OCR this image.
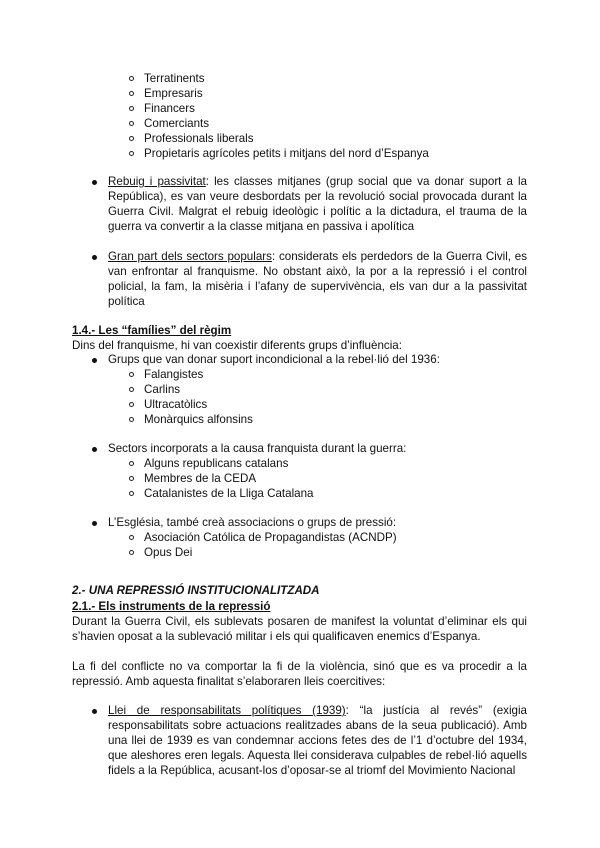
Terratinents
Empresaris
Financers
Comerciants
Professionals liberals
Propietaris agrícoles petits i mitjans del nord d’Espanya
Rebuig i passivitat: les classes mitjanes (grup social que va donar suport a la República), es van veure desbordats per la revolució social provocada durant la Guerra Civil. Malgrat el rebuig ideològic i polític a la dictadura, el trauma de la guerra va convertir a la classe mitjana en passiva i apolítica
Gran part dels sectors populars: considerats els perdedors de la Guerra Civil, es van enfrontar al franquisme. No obstant això, la por a la repressió i el control policial, la fam, la misèria i l’afany de supervivència, els van dur a la passivitat política
1.4.- Les “famílies” del règim
Dins del franquisme, hi van coexistir diferents grups d’influència:
Grups que van donar suport incondicional a la rebel·lió del 1936:
Falangistes
Carlins
Ultracatòlics
Monàrquics alfonsins
Sectors incorporats a la causa franquista durant la guerra:
Alguns republicans catalans
Membres de la CEDA
Catalanistes de la Lliga Catalana
L’Església, també creà associacions o grups de pressió:
Asociación Católica de Propagandistas (ACNDP)
Opus Dei
2.- UNA REPRESSIÓ INSTITUCIONALITZADA
2.1.- Els instruments de la repressió
Durant la Guerra Civil, els sublevats posaren de manifest la voluntat d’eliminar els qui s’havien oposat a la sublevació militar i els qui qualificaven enemics d’Espanya.
La fi del conflicte no va comportar la fi de la violència, sinó que es va procedir a la repressió. Amb aquesta finalitat s’elaboraren lleis coercitives:
Llei de responsabilitats polítiques (1939): “la justícia al revés” (exigia responsabilitats sobre actuacions realitzades abans de la seua publicació). Amb una llei de 1939 es van condemnar accions fetes des de l’1 d’octubre del 1934, que aleshores eren legals. Aquesta llei considerava culpables de rebel·lió aquells fidels a la República, acusant-los d’oposar-se al triomf del Movimiento Nacional
